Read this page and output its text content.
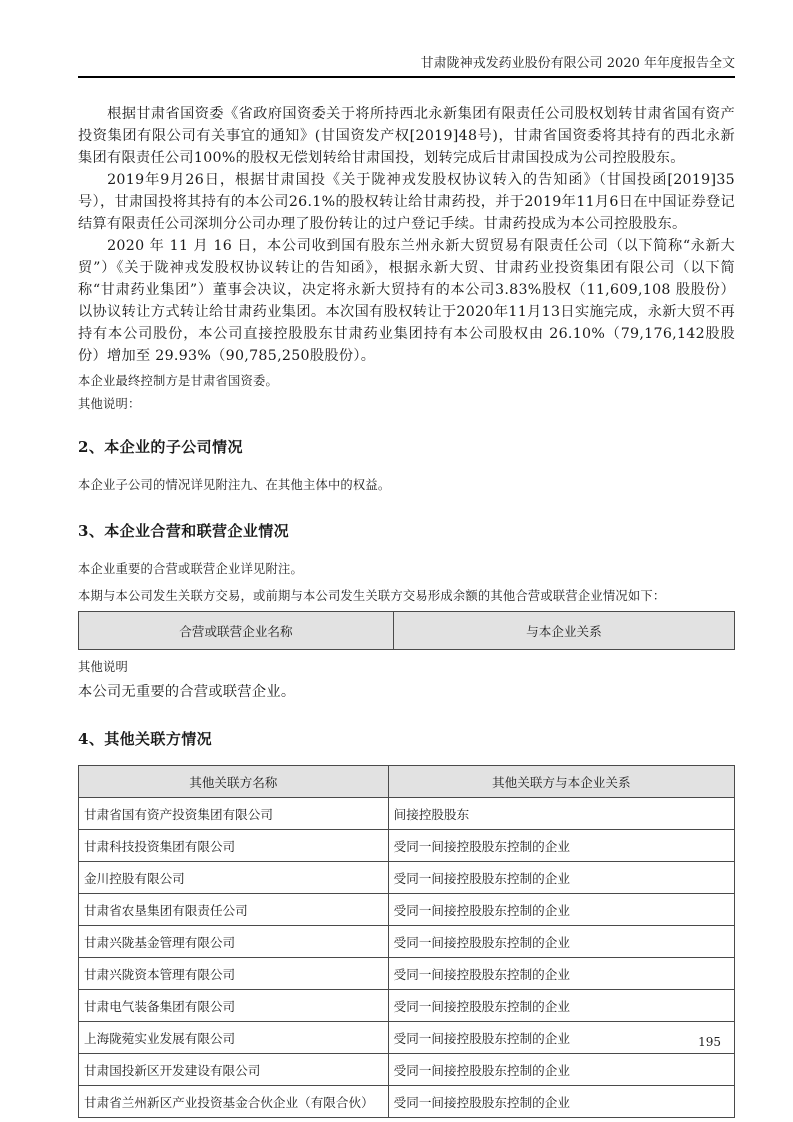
甘肃陇神戎发药业股份有限公司 2020 年年度报告全文

根据甘肃省国资委《省政府国资委关于将所持西北永新集团有限责任公司股权划转甘肃省国有资产投资集团有限公司有关事宜的通知》(甘国资发产权[2019]48号)，甘肃省国资委将其持有的西北永新集团有限责任公司100%的股权无偿划转给甘肃国投，划转完成后甘肃国投成为公司控股股东。

2019年9月26日，根据甘肃国投《关于陇神戎发股权协议转入的告知函》（甘国投函[2019]35号），甘肃国投将其持有的本公司26.1%的股权转让给甘肃药投，并于2019年11月6日在中国证券登记结算有限责任公司深圳分公司办理了股份转让的过户登记手续。甘肃药投成为本公司控股股东。

2020 年 11 月 16 日，本公司收到国有股东兰州永新大贸贸易有限责任公司（以下简称“永新大贸”）《关于陇神戎发股权协议转让的告知函》，根据永新大贸、甘肃药业投资集团有限公司（以下简称“甘肃药业集团”）董事会决议，决定将永新大贸持有的本公司3.83%股权（11,609,108 股股份）以协议转让方式转让给甘肃药业集团。本次国有股权转让于2020年11月13日实施完成，永新大贸不再持有本公司股份，本公司直接控股股东甘肃药业集团持有本公司股权由 26.10%（79,176,142股股份）增加至 29.93%（90,785,250股股份）。

本企业最终控制方是甘肃省国资委。

其他说明：

2、本企业的子公司情况

本企业子公司的情况详见附注九、在其他主体中的权益。

3、本企业合营和联营企业情况

本企业重要的合营或联营企业详见附注。

本期与本公司发生关联方交易，或前期与本公司发生关联方交易形成余额的其他合营或联营企业情况如下：

合营或联营企业名称	与本企业关系

其他说明

本公司无重要的合营或联营企业。

4、其他关联方情况
其他关联方名称	其他关联方与本企业关系
甘肃省国有资产投资集团有限公司	间接控股股东
甘肃科技投资集团有限公司	受同一间接控股股东控制的企业
金川控股有限公司	受同一间接控股股东控制的企业
甘肃省农垦集团有限责任公司	受同一间接控股股东控制的企业
甘肃兴陇基金管理有限公司	受同一间接控股股东控制的企业
甘肃兴陇资本管理有限公司	受同一间接控股股东控制的企业
甘肃电气装备集团有限公司	受同一间接控股股东控制的企业
上海陇菀实业发展有限公司	受同一间接控股股东控制的企业
甘肃国投新区开发建设有限公司	受同一间接控股股东控制的企业
甘肃省兰州新区产业投资基金合伙企业（有限合伙）	受同一间接控股股东控制的企业
195
